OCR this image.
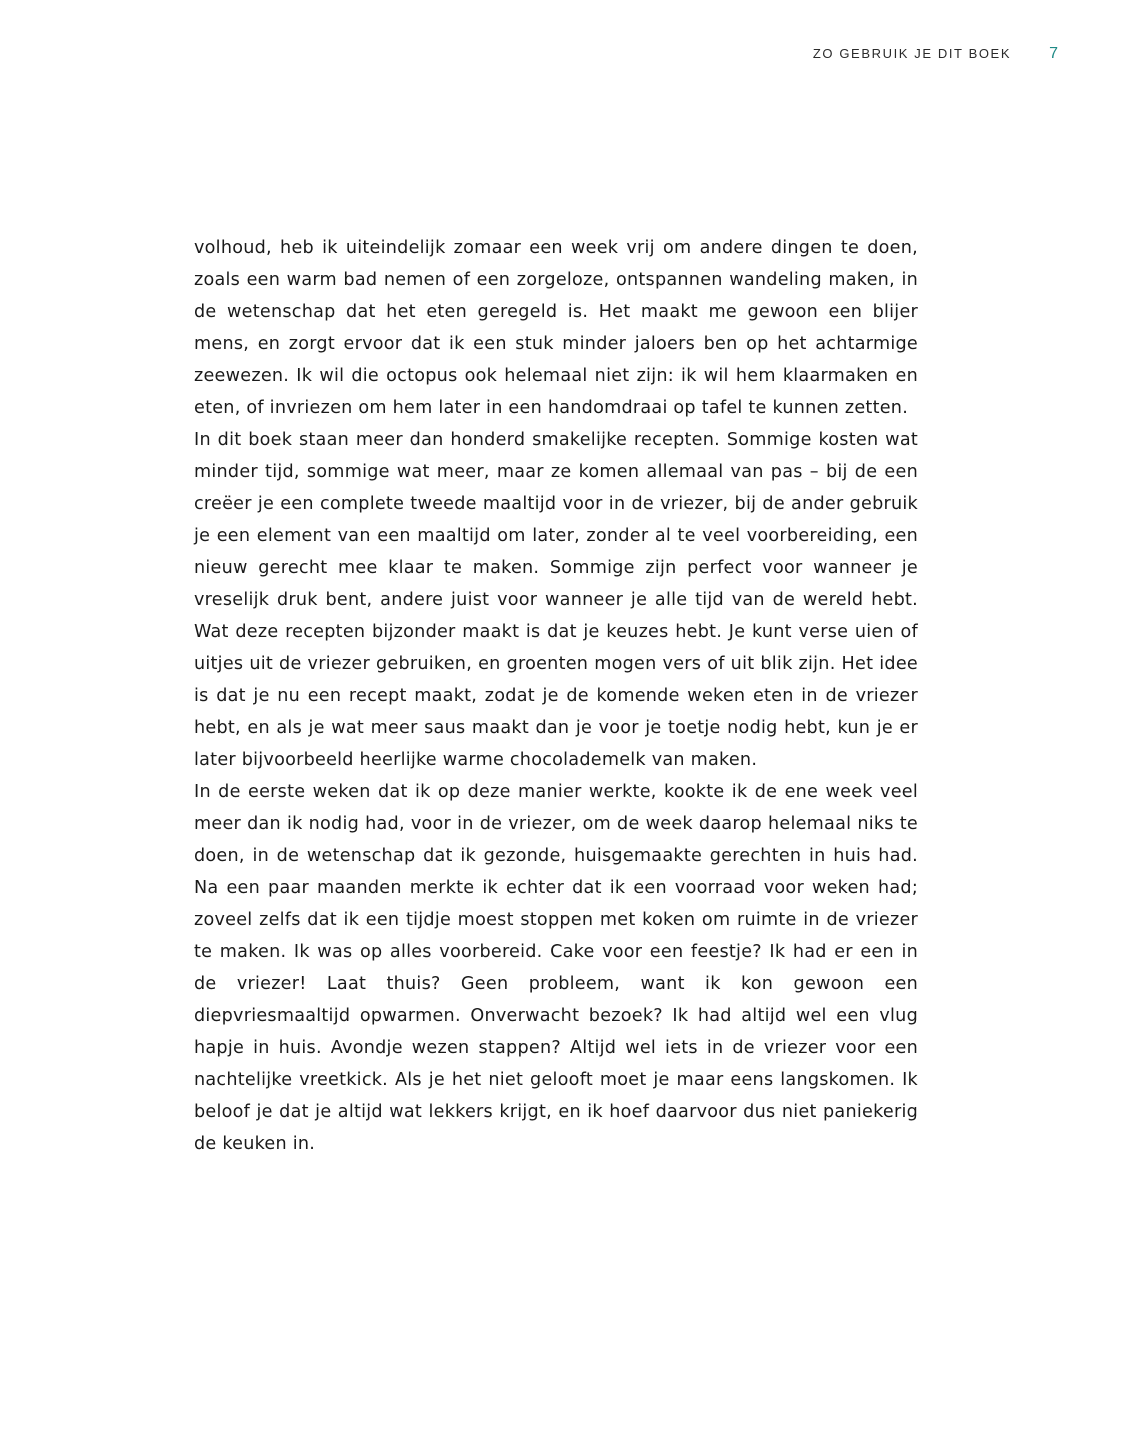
ZO GEBRUIK JE DIT BOEK 7

volhoud, heb ik uiteindelijk zomaar een week vrij om andere dingen te doen, zoals een warm bad nemen of een zorgeloze, ontspannen wandeling maken, in de wetenschap dat het eten geregeld is. Het maakt me gewoon een blijer mens, en zorgt ervoor dat ik een stuk minder jaloers ben op het achtarmige zeewezen. Ik wil die octopus ook helemaal niet zijn: ik wil hem klaarmaken en eten, of invriezen om hem later in een handomdraai op tafel te kunnen zetten.

In dit boek staan meer dan honderd smakelijke recepten. Sommige kosten wat minder tijd, sommige wat meer, maar ze komen allemaal van pas – bij de een creëer je een complete tweede maaltijd voor in de vriezer, bij de ander gebruik je een element van een maaltijd om later, zonder al te veel voorbereiding, een nieuw gerecht mee klaar te maken. Sommige zijn perfect voor wanneer je vreselijk druk bent, andere juist voor wanneer je alle tijd van de wereld hebt. Wat deze recepten bijzonder maakt is dat je keuzes hebt. Je kunt verse uien of uitjes uit de vriezer gebruiken, en groenten mogen vers of uit blik zijn. Het idee is dat je nu een recept maakt, zodat je de komende weken eten in de vriezer hebt, en als je wat meer saus maakt dan je voor je toetje nodig hebt, kun je er later bijvoorbeeld heerlijke warme chocolademelk van maken.

In de eerste weken dat ik op deze manier werkte, kookte ik de ene week veel meer dan ik nodig had, voor in de vriezer, om de week daarop helemaal niks te doen, in de wetenschap dat ik gezonde, huisgemaakte gerechten in huis had. Na een paar maanden merkte ik echter dat ik een voorraad voor weken had; zoveel zelfs dat ik een tijdje moest stoppen met koken om ruimte in de vriezer te maken. Ik was op alles voorbereid. Cake voor een feestje? Ik had er een in de vriezer! Laat thuis? Geen probleem, want ik kon gewoon een diepvriesmaaltijd opwarmen. Onverwacht bezoek? Ik had altijd wel een vlug hapje in huis. Avondje wezen stappen? Altijd wel iets in de vriezer voor een nachtelijke vreetkick. Als je het niet gelooft moet je maar eens langskomen. Ik beloof je dat je altijd wat lekkers krijgt, en ik hoef daarvoor dus niet paniekerig de keuken in.
